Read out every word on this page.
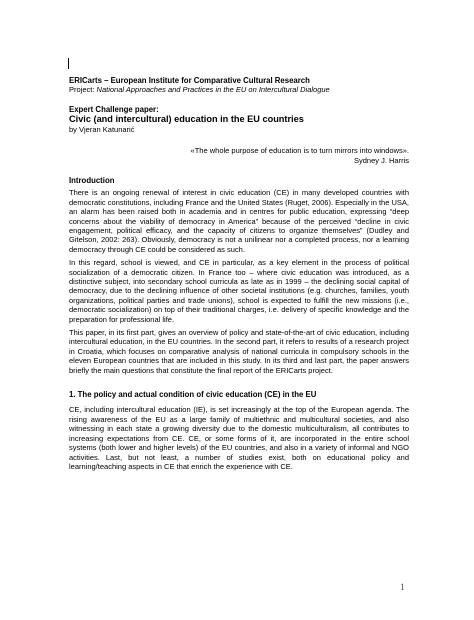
ERICarts – European Institute for Comparative Cultural Research

Project: National Approaches and Practices in the EU on Intercultural Dialogue

Expert Challenge paper:

Civic (and intercultural) education in the EU countries

by Vjeran Katunarić

«The whole purpose of education is to turn mirrors into windows».
Sydney J. Harris
Introduction

There is an ongoing renewal of interest in civic education (CE) in many developed countries with democratic constitutions, including France and the United States (Ruget, 2006). Especially in the USA, an alarm has been raised both in academia and in centres for public education, expressing “deep concerns about the viability of democracy in America” because of the perceived “decline in civic engagement, political efficacy, and the capacity of citizens to organize themselves” (Dudley and Gitelson, 2002: 263). Obviously, democracy is not a unilinear nor a completed process, nor a learning democracy through CE could be considered as such.

In this regard, school is viewed, and CE in particular, as a key element in the process of political socialization of a democratic citizen. In France too – where civic education was introduced, as a distinctive subject, into secondary school curricula as late as in 1999 – the declining social capital of democracy, due to the declining influence of other societal institutions (e.g. churches, families, youth organizations, political parties and trade unions), school is expected to fulfill the new missions (i.e., democratic socialization) on top of their traditional charges, i.e. delivery of specific knowledge and the preparation for professional life.

This paper, in its first part, gives an overview of policy and state-of-the-art of civic education, including intercultural education, in the EU countries. In the second part, it refers to results of a research project in Croatia, which focuses on comparative analysis of national curricula in compulsory schools in the eleven European countries that are included in this study. In its third and last part, the paper answers briefly the main questions that constitute the final report of the ERICarts project.

1. The policy and actual condition of civic education (CE) in the EU

CE, including intercultural education (IE), is set increasingly at the top of the European agenda. The rising awareness of the EU as a large family of multiethnic and multicultural societies, and also witnessing in each state a growing diversity due to the domestic multiculturalism, all contributes to increasing expectations from CE. CE, or some forms of it, are incorporated in the entire school systems (both lower and higher levels) of the EU countries, and also in a variety of informal and NGO activities. Last, but not least, a number of studies exist, both on educational policy and learning/teaching aspects in CE that enrich the experience with CE.

1
